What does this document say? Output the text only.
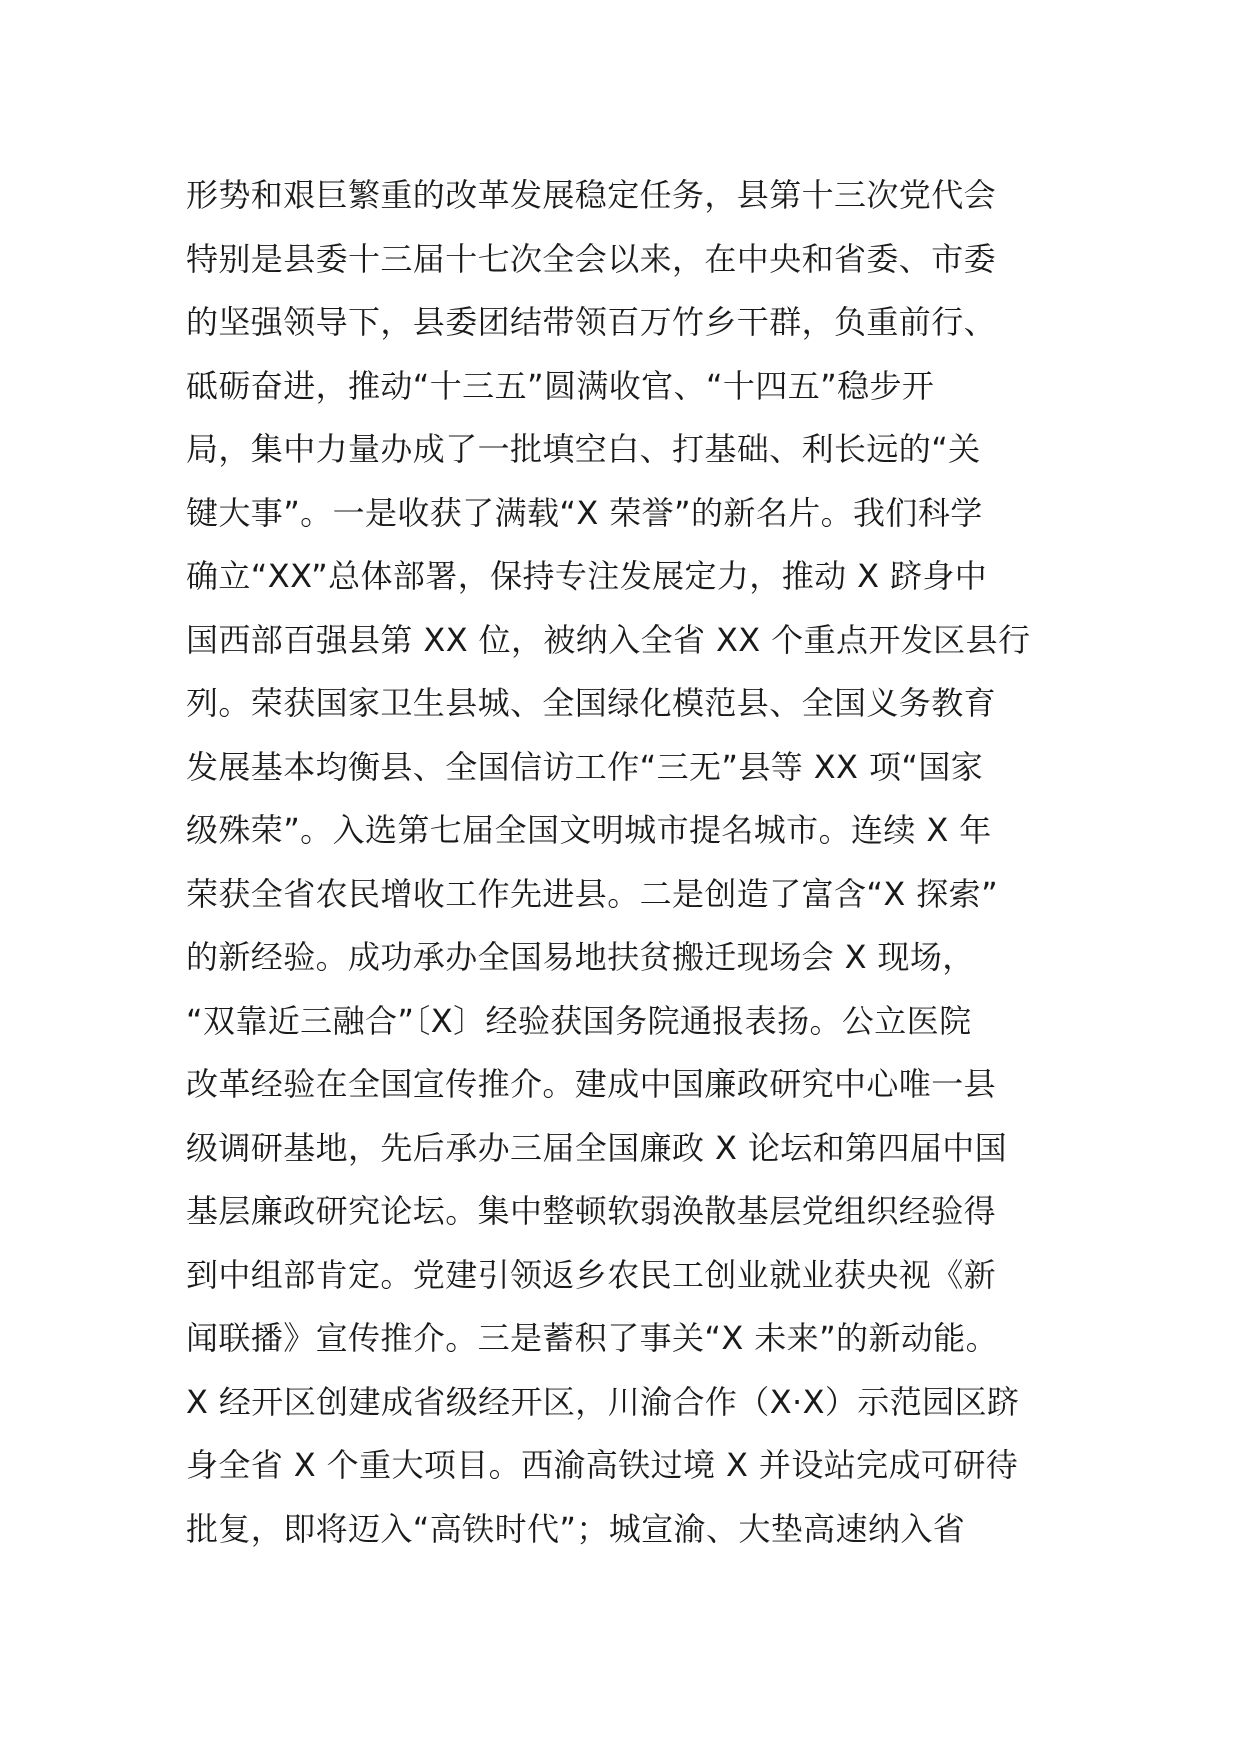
形势和艰巨繁重的改革发展稳定任务，县第十三次党代会
特别是县委十三届十七次全会以来，在中央和省委、市委
的坚强领导下，县委团结带领百万竹乡干群，负重前行、
砥砺奋进，推动“十三五”圆满收官、“十四五”稳步开
局，集中力量办成了一批填空白、打基础、利长远的“关
键大事”。一是收获了满载“X 荣誉”的新名片。我们科学
确立“XX”总体部署，保持专注发展定力，推动 X 跻身中
国西部百强县第 XX 位，被纳入全省 XX 个重点开发区县行
列。荣获国家卫生县城、全国绿化模范县、全国义务教育
发展基本均衡县、全国信访工作“三无”县等 XX 项“国家
级殊荣”。入选第七届全国文明城市提名城市。连续 X 年
荣获全省农民增收工作先进县。二是创造了富含“X 探索”
的新经验。成功承办全国易地扶贫搬迁现场会 X 现场，
“双靠近三融合”〔X〕经验获国务院通报表扬。公立医院
改革经验在全国宣传推介。建成中国廉政研究中心唯一县
级调研基地，先后承办三届全国廉政 X 论坛和第四届中国
基层廉政研究论坛。集中整顿软弱涣散基层党组织经验得
到中组部肯定。党建引领返乡农民工创业就业获央视《新
闻联播》宣传推介。三是蓄积了事关“X 未来”的新动能。
X 经开区创建成省级经开区，川渝合作（X·X）示范园区跻
身全省 X 个重大项目。西渝高铁过境 X 并设站完成可研待
批复，即将迈入“高铁时代”；城宣渝、大垫高速纳入省
